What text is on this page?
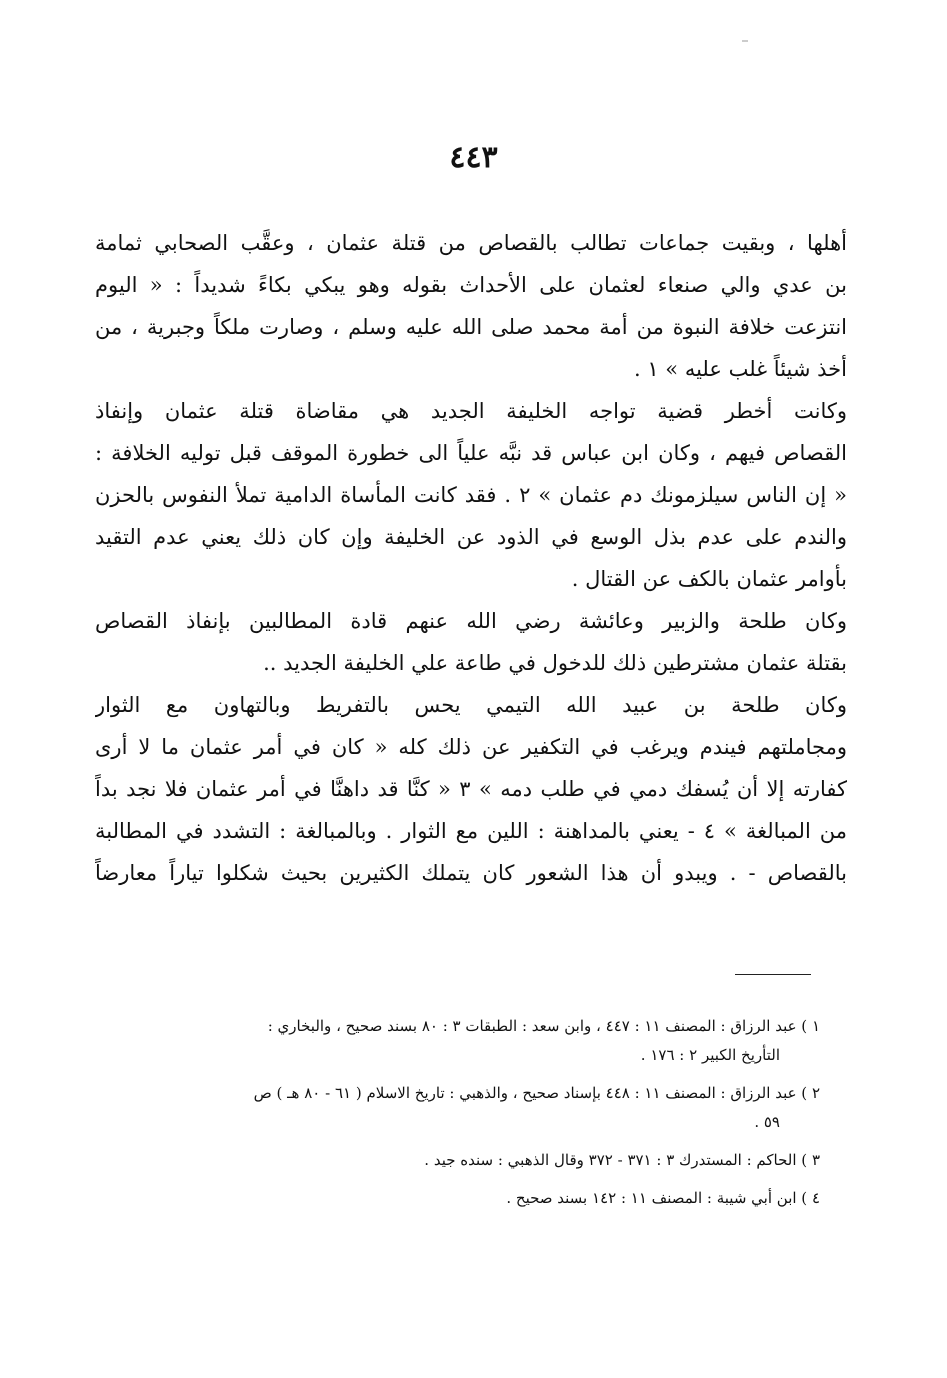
٤٤٣
أهلها ، وبقيت جماعات تطالب بالقصاص من قتلة عثمان ، وعقَّب الصحابي ثمامة
بن عدي والي صنعاء لعثمان على الأحداث بقوله وهو يبكي بكاءً شديداً : « اليوم
انتزعت خلافة النبوة من أمة محمد صلى الله عليه وسلم ، وصارت ملكاً وجبرية ، من
أخذ شيئاً غلب عليه » ١ .
وكانت أخطر قضية تواجه الخليفة الجديد هي مقاضاة قتلة عثمان وإنفاذ
القصاص فيهم ، وكان ابن عباس قد نبَّه علياً الى خطورة الموقف قبل توليه الخلافة :
« إن الناس سيلزمونك دم عثمان » ٢ . فقد كانت المأساة الدامية تملأ النفوس بالحزن
والندم على عدم بذل الوسع في الذود عن الخليفة وإن كان ذلك يعني عدم التقيد
بأوامر عثمان بالكف عن القتال .
وكان طلحة والزبير وعائشة رضي الله عنهم قادة المطالبين بإنفاذ القصاص
بقتلة عثمان مشترطين ذلك للدخول في طاعة علي الخليفة الجديد ..
وكان طلحة بن عبيد الله التيمي يحس بالتفريط وبالتهاون مع الثوار
ومجاملتهم فيندم ويرغب في التكفير عن ذلك كله « كان في أمر عثمان ما لا أرى
كفارته إلا أن يُسفك دمي في طلب دمه » ٣ « كنَّا قد داهنَّا في أمر عثمان فلا نجد بداً
من المبالغة » ٤ - يعني بالمداهنة : اللين مع الثوار . وبالمبالغة : التشدد في المطالبة
بالقصاص - . ويبدو أن هذا الشعور كان يتملك الكثيرين بحيث شكلوا تياراً معارضاً
١ ) عبد الرزاق : المصنف ١١ : ٤٤٧ ، وابن سعد : الطبقات ٣ : ٨٠ بسند صحيح ، والبخاري :
التأريخ الكبير ٢ : ١٧٦ .
٢ ) عبد الرزاق : المصنف ١١ : ٤٤٨ بإسناد صحيح ، والذهبي : تاريخ الاسلام ( ٦١ - ٨٠ هـ ) ص
٥٩ .
٣ ) الحاكم : المستدرك ٣ : ٣٧١ - ٣٧٢ وقال الذهبي : سنده جيد .
٤ ) ابن أبي شيبة : المصنف ١١ : ١٤٢ بسند صحيح .
